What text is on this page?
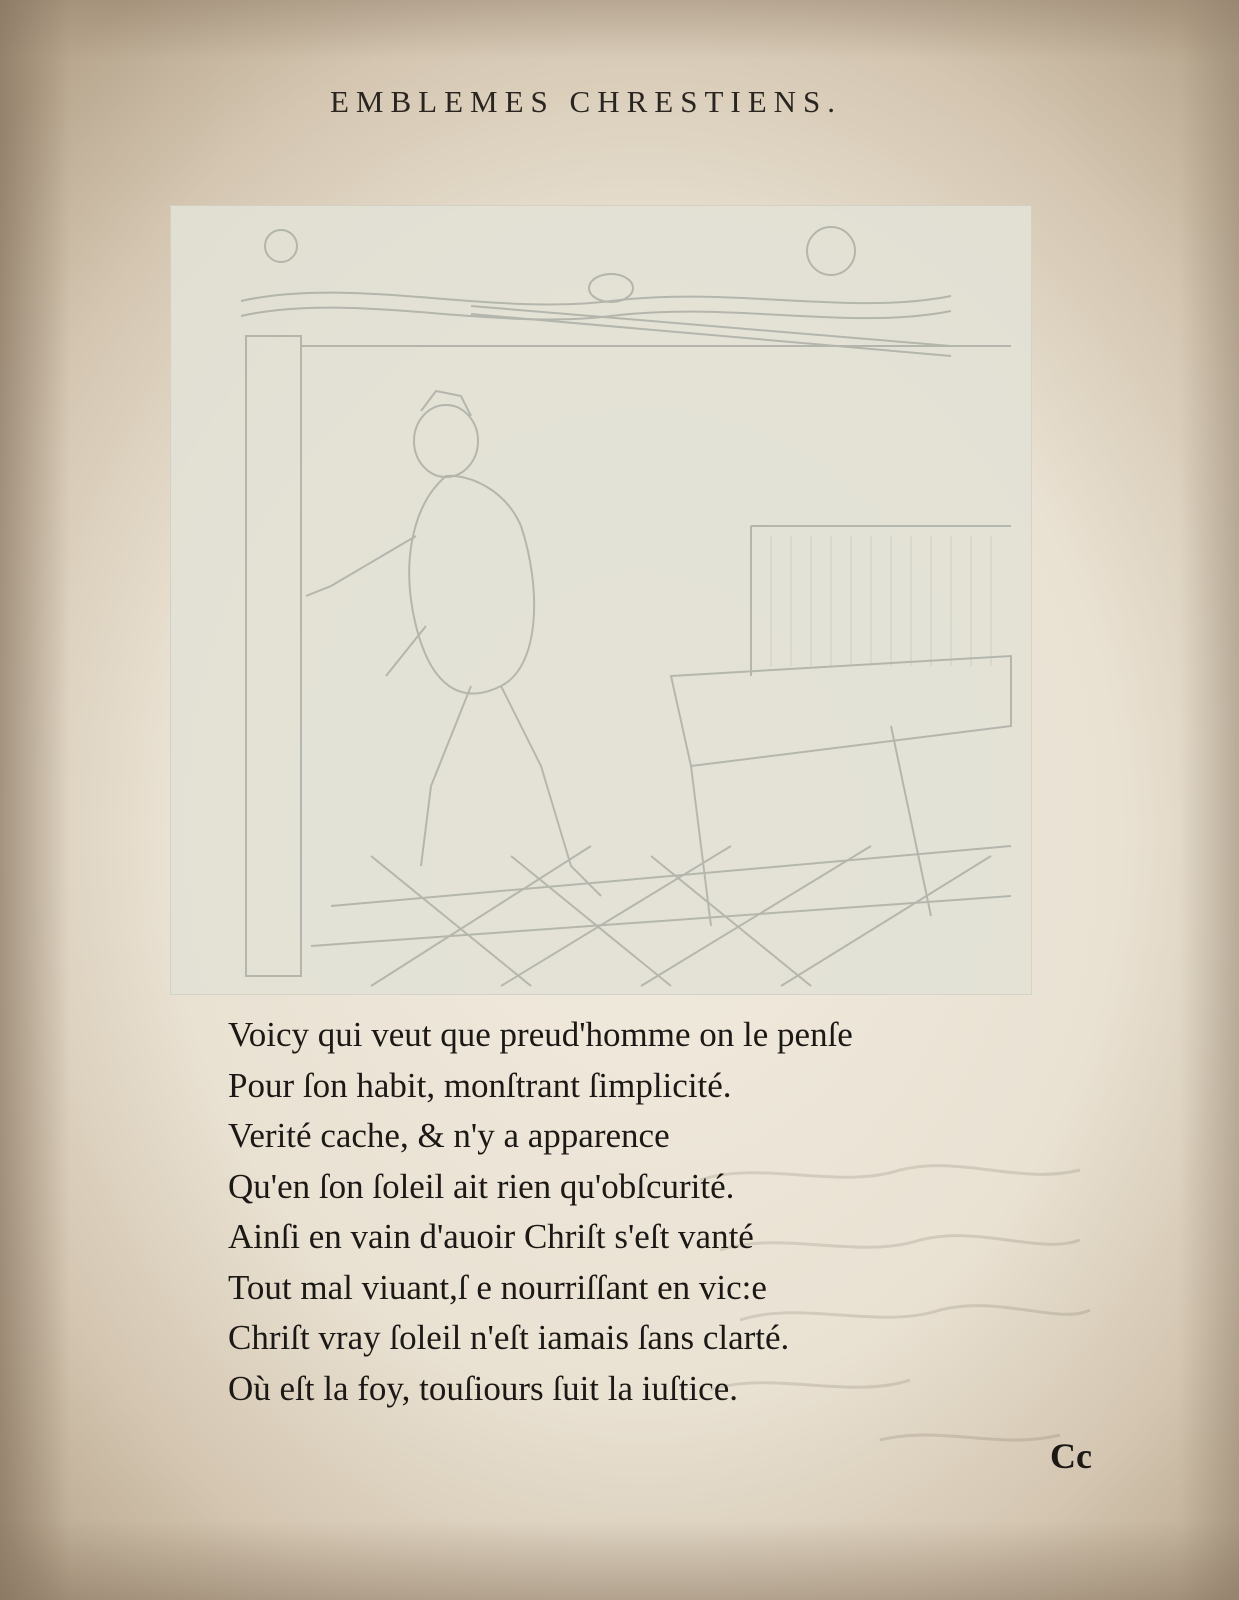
EMBLEMES CHRESTIENS.
Voicy qui veut que preud'homme on le penſe
Pour ſon habit, monſtrant ſimplicité.
Verité cache, & n'y a apparence
Qu'en ſon ſoleil ait rien qu'obſcurité.
Ainſi en vain d'auoir Chriſt s'eſt vanté
Tout mal viuant,ſ e nourriſſant en vic:e
Chriſt vray ſoleil n'eſt iamais ſans clarté.
Où eſt la foy, touſiours ſuit la iuſtice.
Cc
